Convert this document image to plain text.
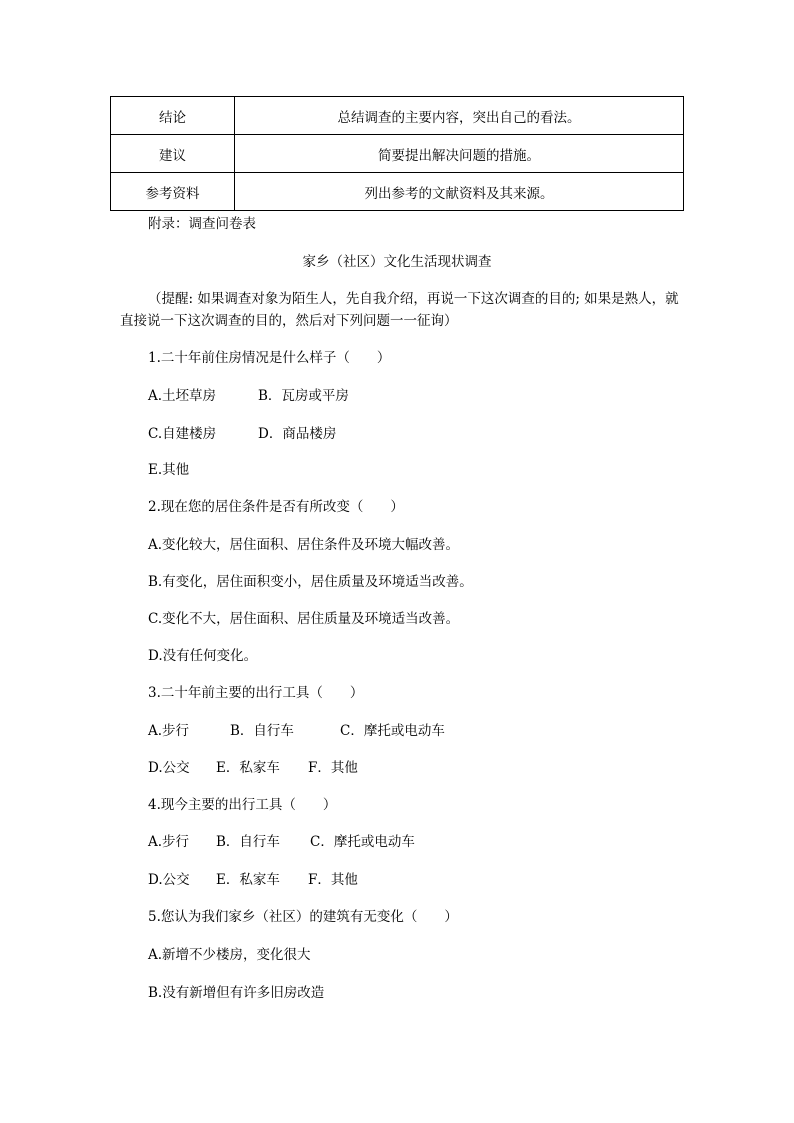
结论	总结调查的主要内容，突出自己的看法。
建议	简要提出解决问题的措施。
参考资料	列出参考的文献资料及其来源。
附录：调查问卷表
家乡（社区）文化生活现状调查
（提醒: 如果调查对象为陌生人，先自我介绍，再说一下这次调查的目的; 如果是熟人，就直接说一下这次调查的目的，然后对下列问题一一征询）
1.二十年前住房情况是什么样子（　　）
A.土坯草房	B．瓦房或平房
C.自建楼房	D．商品楼房
E.其他
2.现在您的居住条件是否有所改变（　　）
A.变化较大，居住面积、居住条件及环境大幅改善。
B.有变化，居住面积变小，居住质量及环境适当改善。
C.变化不大，居住面积、居住质量及环境适当改善。
D.没有任何变化。
3.二十年前主要的出行工具（　　）
A.步行	B．自行车	C．摩托或电动车
D.公交 E．私家车 F．其他
4.现今主要的出行工具（　　）
A.步行 B．自行车 C．摩托或电动车
D.公交 E．私家车 F．其他
5.您认为我们家乡（社区）的建筑有无变化（　　）
A.新增不少楼房，变化很大
B.没有新增但有许多旧房改造
